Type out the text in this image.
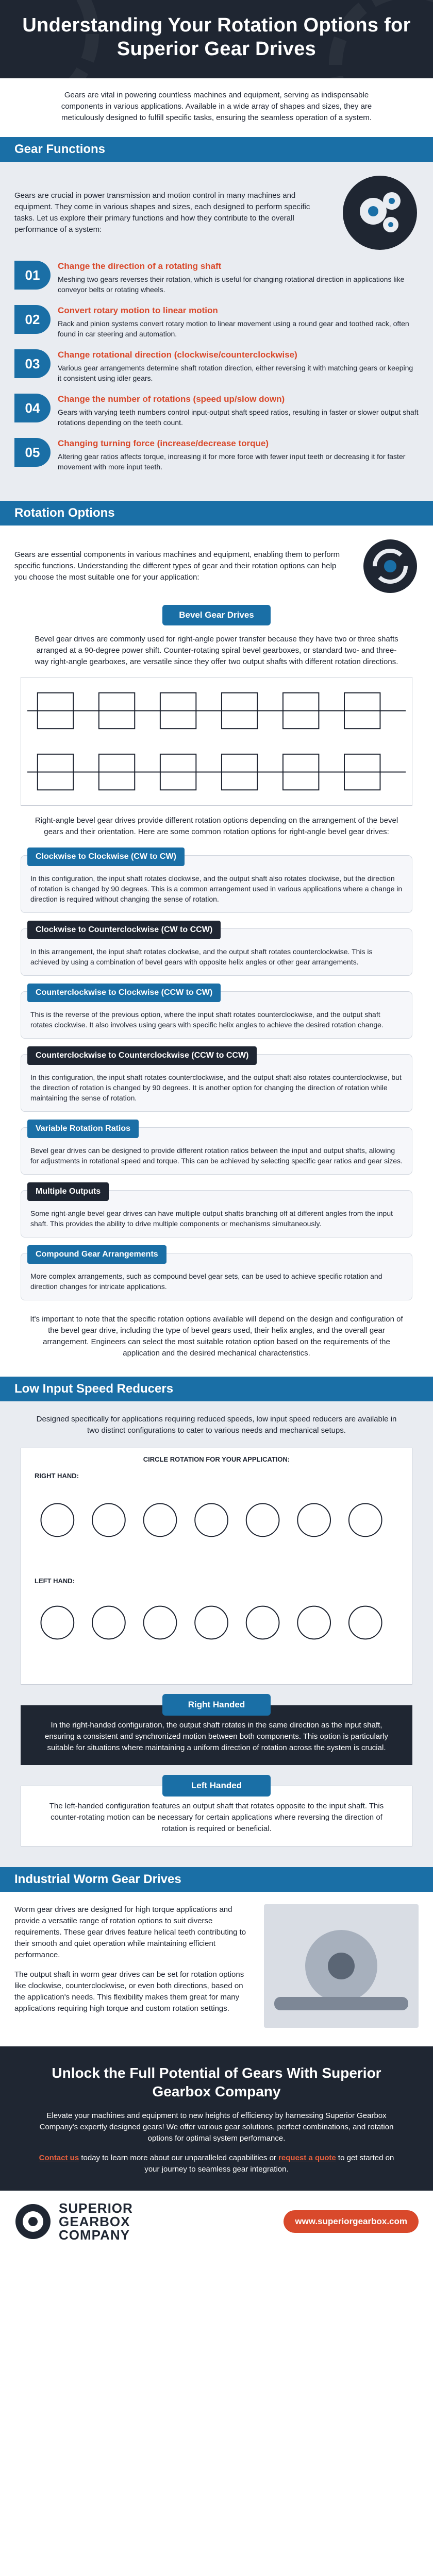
Understanding Your Rotation Options for Superior Gear Drives
Gears are vital in powering countless machines and equipment, serving as indispensable components in various applications. Available in a wide array of shapes and sizes, they are meticulously designed to fulfill specific tasks, ensuring the seamless operation of a system.
Gear Functions

Gears are crucial in power transmission and motion control in many machines and equipment. They come in various shapes and sizes, each designed to perform specific tasks. Let us explore their primary functions and how they contribute to the overall performance of a system:

01
Change the direction of a rotating shaft

Meshing two gears reverses their rotation, which is useful for changing rotational direction in applications like conveyor belts or rotating wheels.

02
Convert rotary motion to linear motion

Rack and pinion systems convert rotary motion to linear movement using a round gear and toothed rack, often found in car steering and automation.

03
Change rotational direction (clockwise/counterclockwise)

Various gear arrangements determine shaft rotation direction, either reversing it with matching gears or keeping it consistent using idler gears.

04
Change the number of rotations (speed up/slow down)

Gears with varying teeth numbers control input-output shaft speed ratios, resulting in faster or slower output shaft rotations depending on the teeth count.

05
Changing turning force (increase/decrease torque)

Altering gear ratios affects torque, increasing it for more force with fewer input teeth or decreasing it for faster movement with more input teeth.

Rotation Options

Gears are essential components in various machines and equipment, enabling them to perform specific functions. Understanding the different types of gear and their rotation options can help you choose the most suitable one for your application:

Bevel Gear Drives

Bevel gear drives are commonly used for right-angle power transfer because they have two or three shafts arranged at a 90-degree power shift. Counter-rotating spiral bevel gearboxes, or standard two- and three-way right-angle gearboxes, are versatile since they offer two output shafts with different rotation directions.

Right-angle bevel gear drives provide different rotation options depending on the arrangement of the bevel gears and their orientation. Here are some common rotation options for right-angle bevel gear drives:

Clockwise to Clockwise (CW to CW)

In this configuration, the input shaft rotates clockwise, and the output shaft also rotates clockwise, but the direction of rotation is changed by 90 degrees. This is a common arrangement used in various applications where a change in direction is required without changing the sense of rotation.

Clockwise to Counterclockwise (CW to CCW)

In this arrangement, the input shaft rotates clockwise, and the output shaft rotates counterclockwise. This is achieved by using a combination of bevel gears with opposite helix angles or other gear arrangements.

Counterclockwise to Clockwise (CCW to CW)

This is the reverse of the previous option, where the input shaft rotates counterclockwise, and the output shaft rotates clockwise. It also involves using gears with specific helix angles to achieve the desired rotation change.

Counterclockwise to Counterclockwise (CCW to CCW)

In this configuration, the input shaft rotates counterclockwise, and the output shaft also rotates counterclockwise, but the direction of rotation is changed by 90 degrees. It is another option for changing the direction of rotation while maintaining the sense of rotation.

Variable Rotation Ratios

Bevel gear drives can be designed to provide different rotation ratios between the input and output shafts, allowing for adjustments in rotational speed and torque. This can be achieved by selecting specific gear ratios and gear sizes.

Multiple Outputs

Some right-angle bevel gear drives can have multiple output shafts branching off at different angles from the input shaft. This provides the ability to drive multiple components or mechanisms simultaneously.

Compound Gear Arrangements

More complex arrangements, such as compound bevel gear sets, can be used to achieve specific rotation and direction changes for intricate applications.

It's important to note that the specific rotation options available will depend on the design and configuration of the bevel gear drive, including the type of bevel gears used, their helix angles, and the overall gear arrangement. Engineers can select the most suitable rotation option based on the requirements of the application and the desired mechanical characteristics.

Low Input Speed Reducers

Designed specifically for applications requiring reduced speeds, low input speed reducers are available in two distinct configurations to cater to various needs and mechanical setups.

CIRCLE ROTATION FOR YOUR APPLICATION:
RIGHT HAND:
LEFT HAND:
Right Handed

In the right-handed configuration, the output shaft rotates in the same direction as the input shaft, ensuring a consistent and synchronized motion between both components. This option is particularly suitable for situations where maintaining a uniform direction of rotation across the system is crucial.

Left Handed

The left-handed configuration features an output shaft that rotates opposite to the input shaft. This counter-rotating motion can be necessary for certain applications where reversing the direction of rotation is required or beneficial.

Industrial Worm Gear Drives

Worm gear drives are designed for high torque applications and provide a versatile range of rotation options to suit diverse requirements. These gear drives feature helical teeth contributing to their smooth and quiet operation while maintaining efficient performance.

The output shaft in worm gear drives can be set for rotation options like clockwise, counterclockwise, or even both directions, based on the application's needs. This flexibility makes them great for many applications requiring high torque and custom rotation settings.

Unlock the Full Potential of Gears With Superior Gearbox Company

Elevate your machines and equipment to new heights of efficiency by harnessing Superior Gearbox Company's expertly designed gears! We offer various gear solutions, perfect combinations, and rotation options for optimal system performance.

Contact us today to learn more about our unparalleled capabilities or request a quote to get started on your journey to seamless gear integration.

SUPERIOR
GEARBOX
COMPANY
www.superiorgearbox.com
